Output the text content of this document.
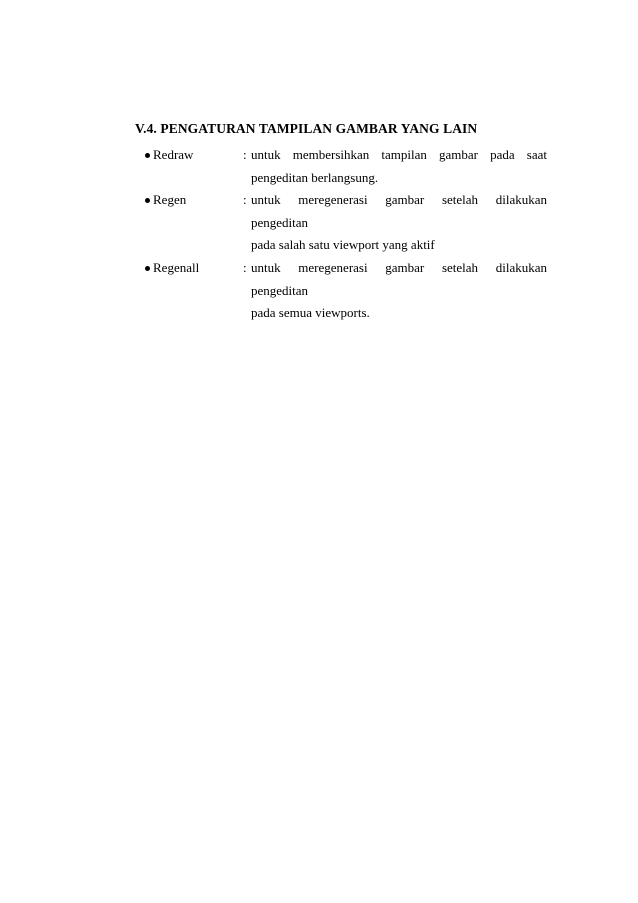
V.4. PENGATURAN TAMPILAN GAMBAR YANG LAIN
Redraw	: untuk membersihkan tampilan gambar pada saat
pengeditan berlangsung.
Regen	: untuk meregenerasi gambar setelah dilakukan pengeditan
pada salah satu viewport yang aktif
Regenall	: untuk meregenerasi gambar setelah dilakukan pengeditan
pada semua viewports.
